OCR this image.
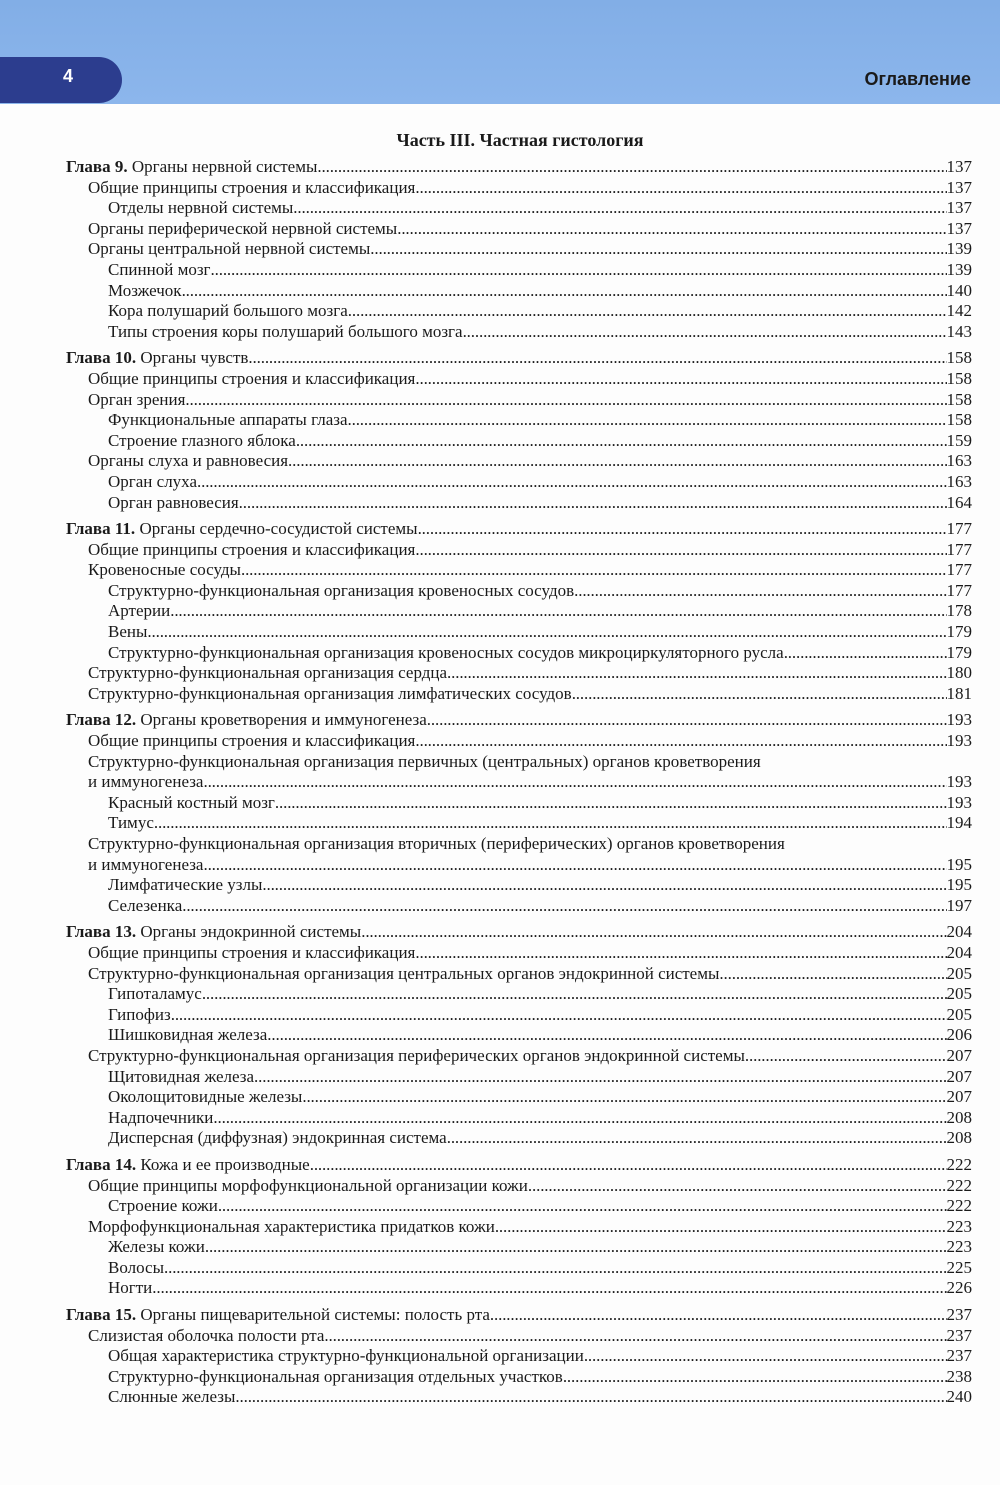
4	Оглавление
Часть III. Частная гистология
Глава 9. Органы нервной системы . . .	137
Общие принципы строения и классификация . . .	137
Отделы нервной системы . . .	137
Органы периферической нервной системы . . .	137
Органы центральной нервной системы . . .	139
Спинной мозг . . .	139
Мозжечок . . .	140
Кора полушарий большого мозга . . .	142
Типы строения коры полушарий большого мозга . . .	143
Глава 10. Органы чувств . . .	158
Общие принципы строения и классификация . . .	158
Орган зрения . . .	158
Функциональные аппараты глаза . . .	158
Строение глазного яблока . . .	159
Органы слуха и равновесия . . .	163
Орган слуха . . .	163
Орган равновесия . . .	164
Глава 11. Органы сердечно-сосудистой системы . . .	177
Общие принципы строения и классификация . . .	177
Кровеносные сосуды . . .	177
Структурно-функциональная организация кровеносных сосудов . . .	177
Артерии . . .	178
Вены . . .	179
Структурно-функциональная организация кровеносных сосудов микроциркуляторного русла . . .	179
Структурно-функциональная организация сердца . . .	180
Структурно-функциональная организация лимфатических сосудов . . .	181
Глава 12. Органы кроветворения и иммуногенеза . . .	193
Общие принципы строения и классификация . . .	193
Структурно-функциональная организация первичных (центральных) органов кроветворения
и иммуногенеза . . .	193
Красный костный мозг . . .	193
Тимус . . .	194
Структурно-функциональная организация вторичных (периферических) органов кроветворения
и иммуногенеза . . .	195
Лимфатические узлы . . .	195
Селезенка . . .	197
Глава 13. Органы эндокринной системы . . .	204
Общие принципы строения и классификация . . .	204
Структурно-функциональная организация центральных органов эндокринной системы . . .	205
Гипоталамус . . .	205
Гипофиз . . .	205
Шишковидная железа . . .	206
Структурно-функциональная организация периферических органов эндокринной системы . . .	207
Щитовидная железа . . .	207
Околощитовидные железы . . .	207
Надпочечники . . .	208
Дисперсная (диффузная) эндокринная система . . .	208
Глава 14. Кожа и ее производные . . .	222
Общие принципы морфофункциональной организации кожи . . .	222
Строение кожи . . .	222
Морфофункциональная характеристика придатков кожи . . .	223
Железы кожи . . .	223
Волосы . . .	225
Ногти . . .	226
Глава 15. Органы пищеварительной системы: полость рта . . .	237
Слизистая оболочка полости рта . . .	237
Общая характеристика структурно-функциональной организации . . .	237
Структурно-функциональная организация отдельных участков . . .	238
Слюнные железы . . .	240
